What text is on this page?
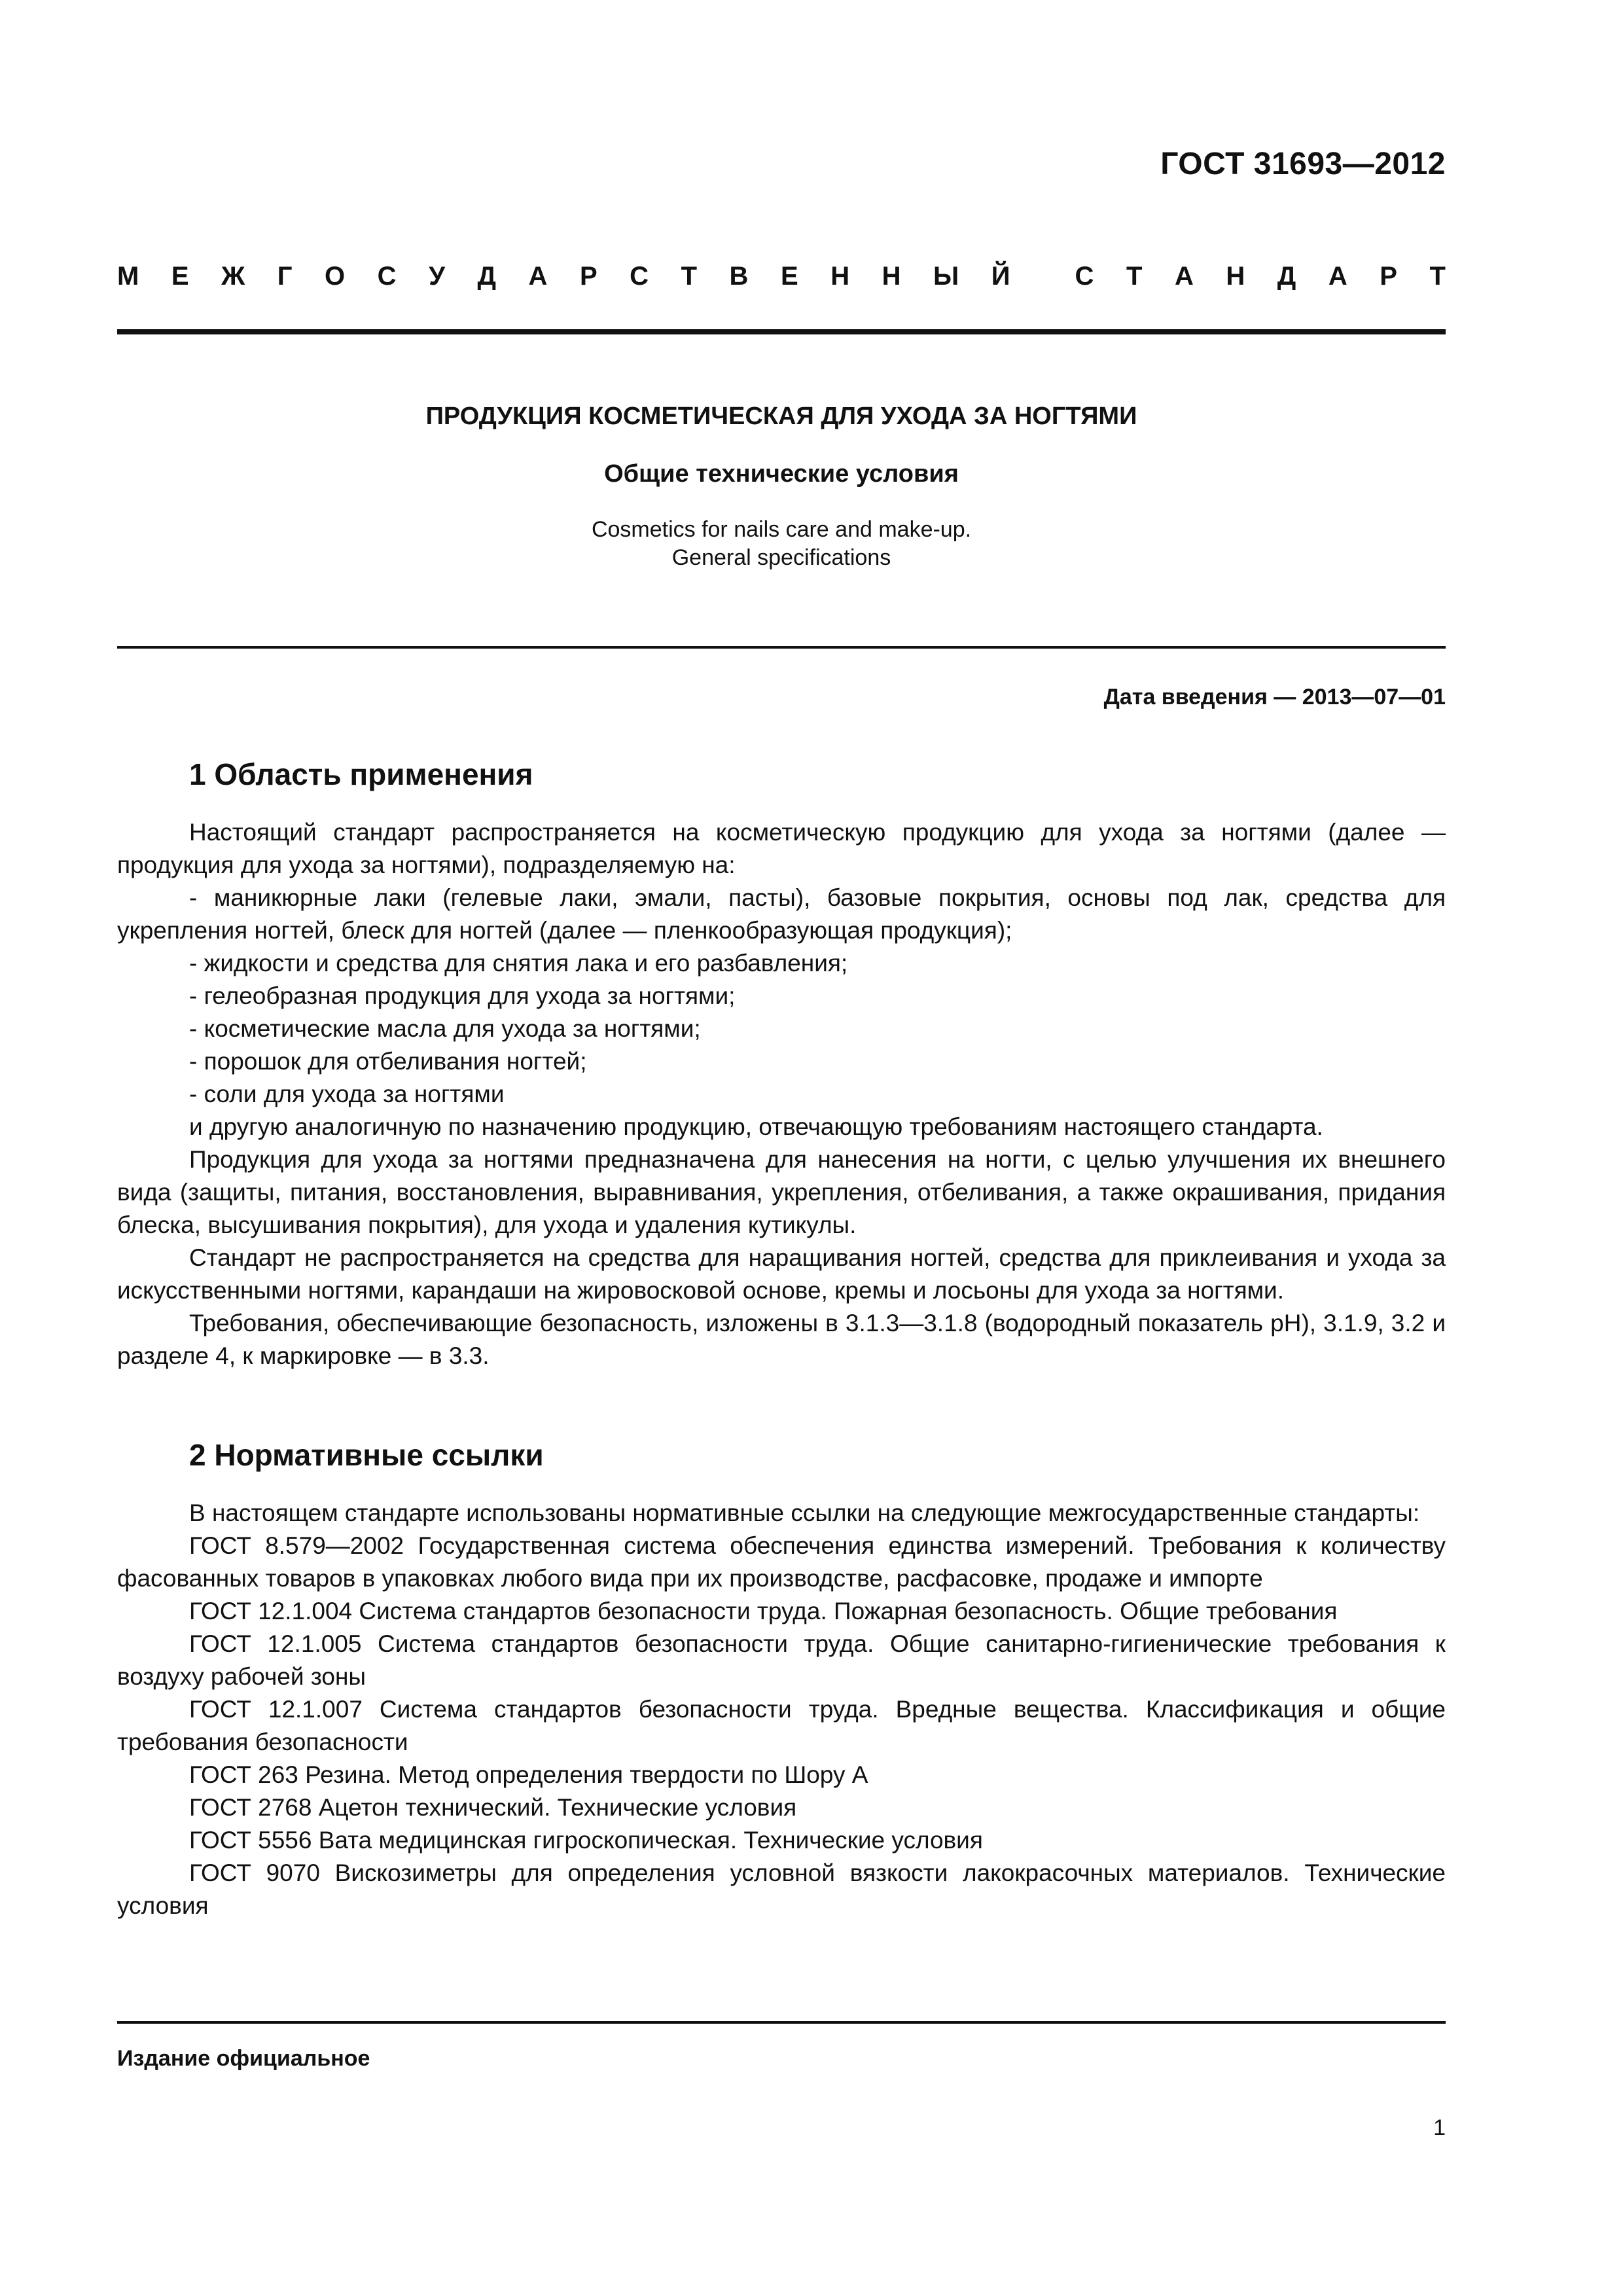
ГОСТ 31693—2012
М Е Ж Г О С У Д А Р С Т В Е Н Н Ы Й С Т А Н Д А Р Т
ПРОДУКЦИЯ КОСМЕТИЧЕСКАЯ ДЛЯ УХОДА ЗА НОГТЯМИ
Общие технические условия
Cosmetics for nails care and make-up.
General specifications
Дата введения — 2013—07—01
1 Область применения

Настоящий стандарт распространяется на косметическую продукцию для ухода за ногтями (далее — продукция для ухода за ногтями), подразделяемую на:

- маникюрные лаки (гелевые лаки, эмали, пасты), базовые покрытия, основы под лак, средства для укрепления ногтей, блеск для ногтей (далее — пленкообразующая продукция);

- жидкости и средства для снятия лака и его разбавления;

- гелеобразная продукция для ухода за ногтями;

- косметические масла для ухода за ногтями;

- порошок для отбеливания ногтей;

- соли для ухода за ногтями

и другую аналогичную по назначению продукцию, отвечающую требованиям настоящего стандарта.

Продукция для ухода за ногтями предназначена для нанесения на ногти, с целью улучшения их внешнего вида (защиты, питания, восстановления, выравнивания, укрепления, отбеливания, а также окрашивания, придания блеска, высушивания покрытия), для ухода и удаления кутикулы.

Стандарт не распространяется на средства для наращивания ногтей, средства для приклеивания и ухода за искусственными ногтями, карандаши на жировосковой основе, кремы и лосьоны для ухода за ногтями.

Требования, обеспечивающие безопасность, изложены в 3.1.3—3.1.8 (водородный показатель pH), 3.1.9, 3.2 и разделе 4, к маркировке — в 3.3.

2 Нормативные ссылки

В настоящем стандарте использованы нормативные ссылки на следующие межгосударственные стандарты:

ГОСТ 8.579—2002 Государственная система обеспечения единства измерений. Требования к количеству фасованных товаров в упаковках любого вида при их производстве, расфасовке, продаже и импорте

ГОСТ 12.1.004 Система стандартов безопасности труда. Пожарная безопасность. Общие требования

ГОСТ 12.1.005 Система стандартов безопасности труда. Общие санитарно-гигиенические требования к воздуху рабочей зоны

ГОСТ 12.1.007 Система стандартов безопасности труда. Вредные вещества. Классификация и общие требования безопасности

ГОСТ 263 Резина. Метод определения твердости по Шору А

ГОСТ 2768 Ацетон технический. Технические условия

ГОСТ 5556 Вата медицинская гигроскопическая. Технические условия

ГОСТ 9070 Вискозиметры для определения условной вязкости лакокрасочных материалов. Технические условия

Издание официальное
1
